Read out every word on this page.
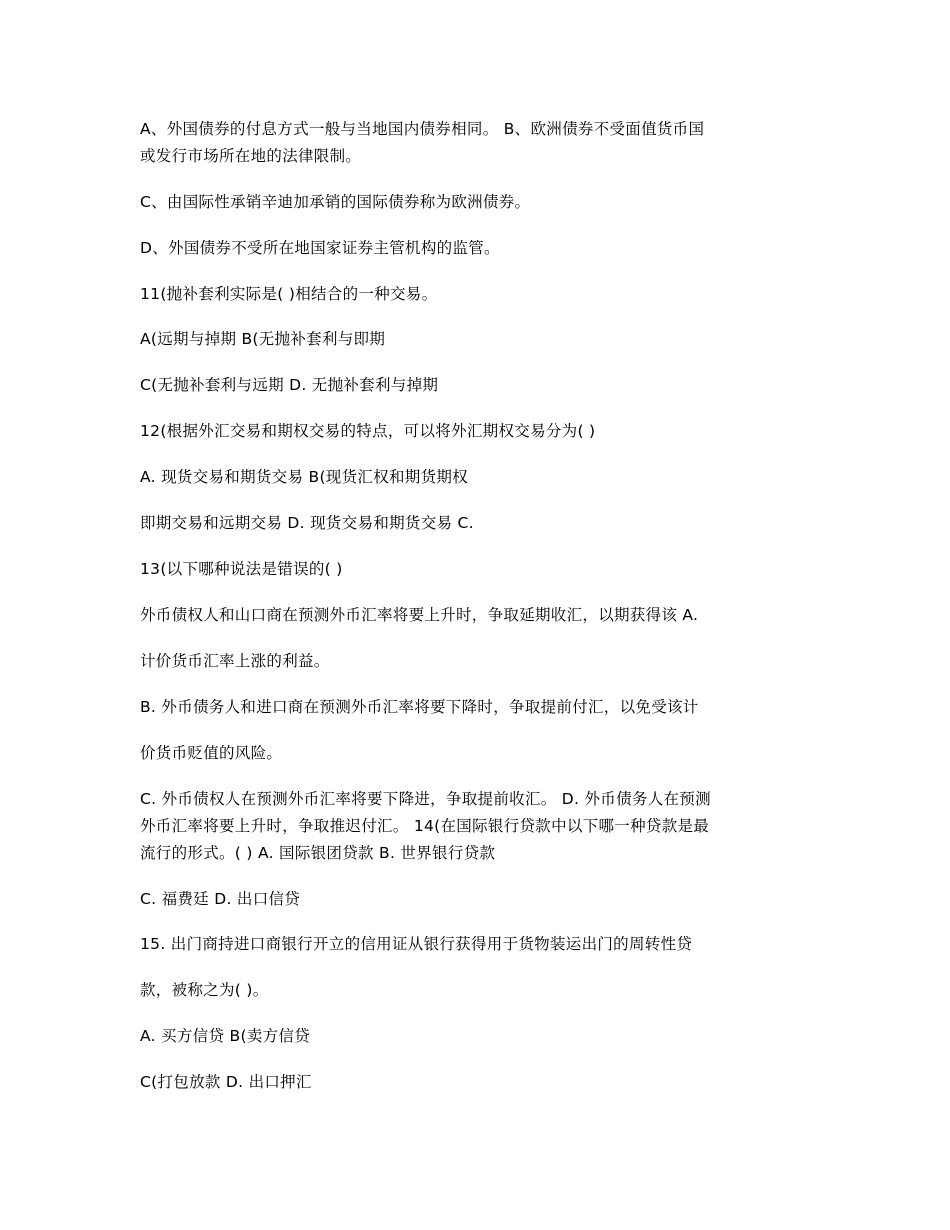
A、外国债券的付息方式一般与当地国内债券相同。 B、欧洲债券不受面值货币国
或发行市场所在地的法律限制。
C、由国际性承销辛迪加承销的国际债券称为欧洲债券。
D、外国债券不受所在地国家证券主管机构的监管。
11(抛补套利实际是( )相结合的一种交易。
A(远期与掉期 B(无抛补套利与即期
C(无抛补套利与远期 D. 无抛补套利与掉期
12(根据外汇交易和期权交易的特点，可以将外汇期权交易分为( )
A. 现货交易和期货交易 B(现货汇权和期货期权
即期交易和远期交易 D. 现货交易和期货交易 C.
13(以下哪种说法是错误的( )
外币债权人和山口商在预测外币汇率将要上升时，争取延期收汇，以期获得该 A.
计价货币汇率上涨的利益。
B. 外币债务人和进口商在预测外币汇率将要下降时，争取提前付汇，以免受该计
价货币贬值的风险。
C. 外币债权人在预测外币汇率将要下降进，争取提前收汇。 D. 外币债务人在预测
外币汇率将要上升时，争取推迟付汇。 14(在国际银行贷款中以下哪一种贷款是最
流行的形式。( ) A. 国际银团贷款 B. 世界银行贷款
C. 福费廷 D. 出口信贷
15. 出门商持进口商银行开立的信用证从银行获得用于货物装运出门的周转性贷
款，被称之为( )。
A. 买方信贷 B(卖方信贷
C(打包放款 D. 出口押汇
